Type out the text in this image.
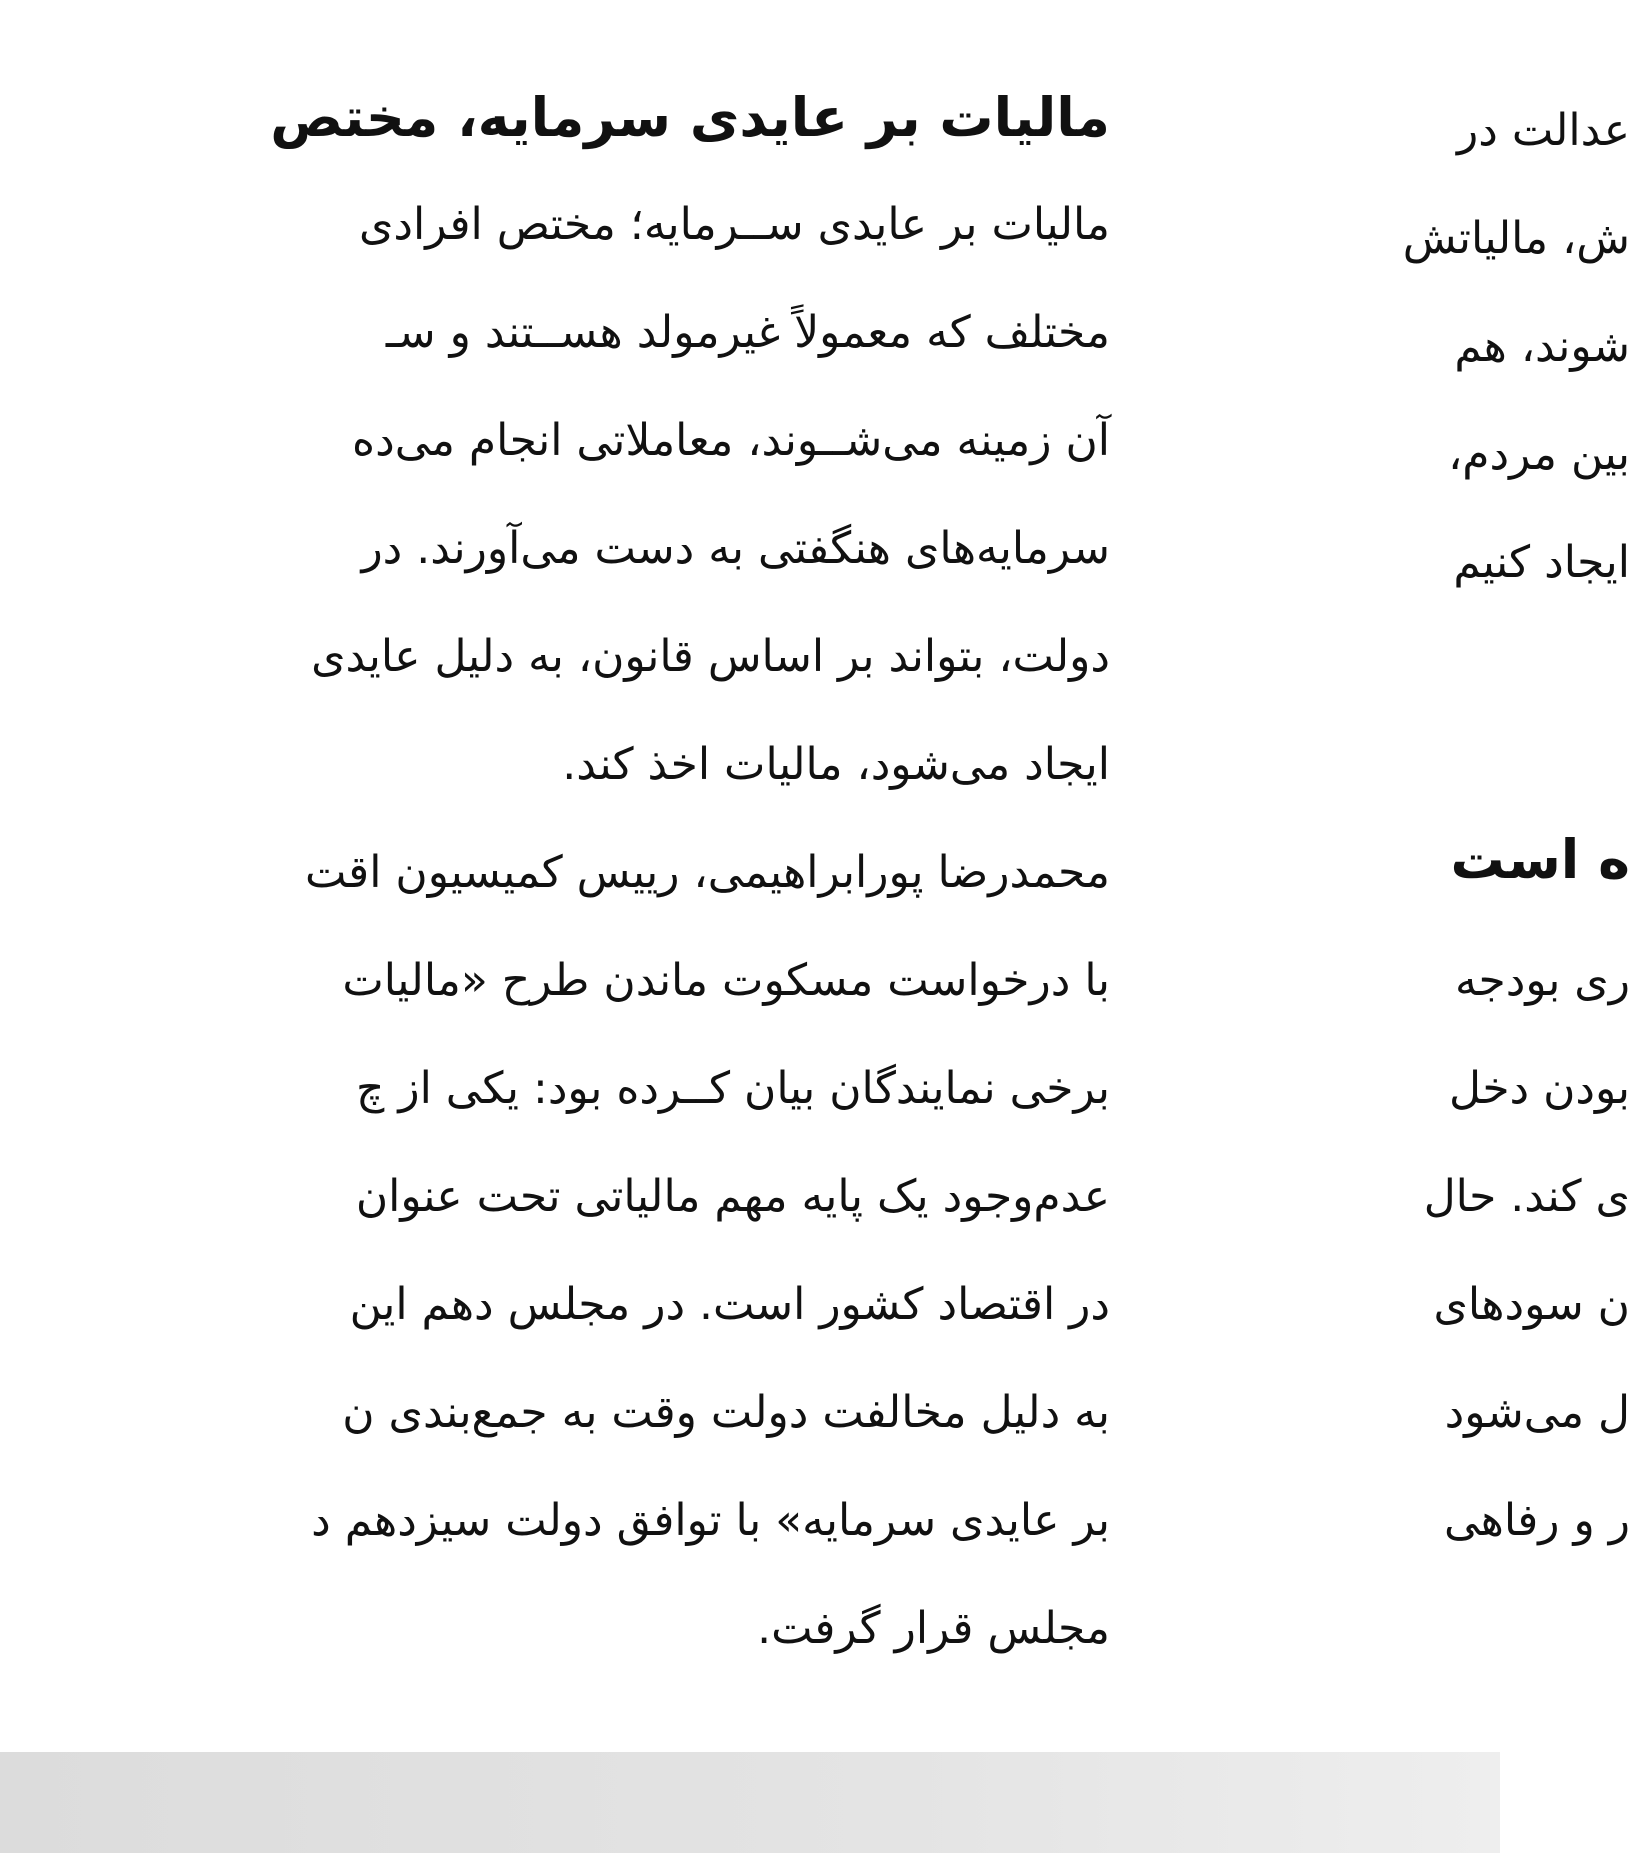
مالیات بر عایدی سرمایه، مختص
مالیات بر عایدی ســرمایه؛ مختص افرادی
مختلف که معمولاً غیرمولد هســتند و سـ
آن زمینه می‌شــوند، معاملاتی انجام می‌ده
سرمایه‌های هنگفتی به دست می‌آورند. در
دولت، بتواند بر اساس قانون، به دلیل عایدی
ایجاد می‌شود، مالیات اخذ کند.
محمدرضا پورابراهیمی، رییس کمیسیون اقت
با درخواست مسکوت ماندن طرح «مالیات
برخی نمایندگان بیان کــرده بود: یکی از چ
عدم‌وجود یک پایه مهم مالیاتی تحت عنوان
در اقتصاد کشور است. در مجلس دهم این
به دلیل مخالفت دولت وقت به جمع‌بندی ن
بر عایدی سرمایه» با توافق دولت سیزدهم د
مجلس قرار گرفت.
عدالت در
ش، مالیاتش
شوند، هم
بین مردم،
ایجاد کنیم
ه است
ری بودجه
بودن دخل
ی کند. حال
ن سودهای
ل می‌شود
ر و رفاهی
